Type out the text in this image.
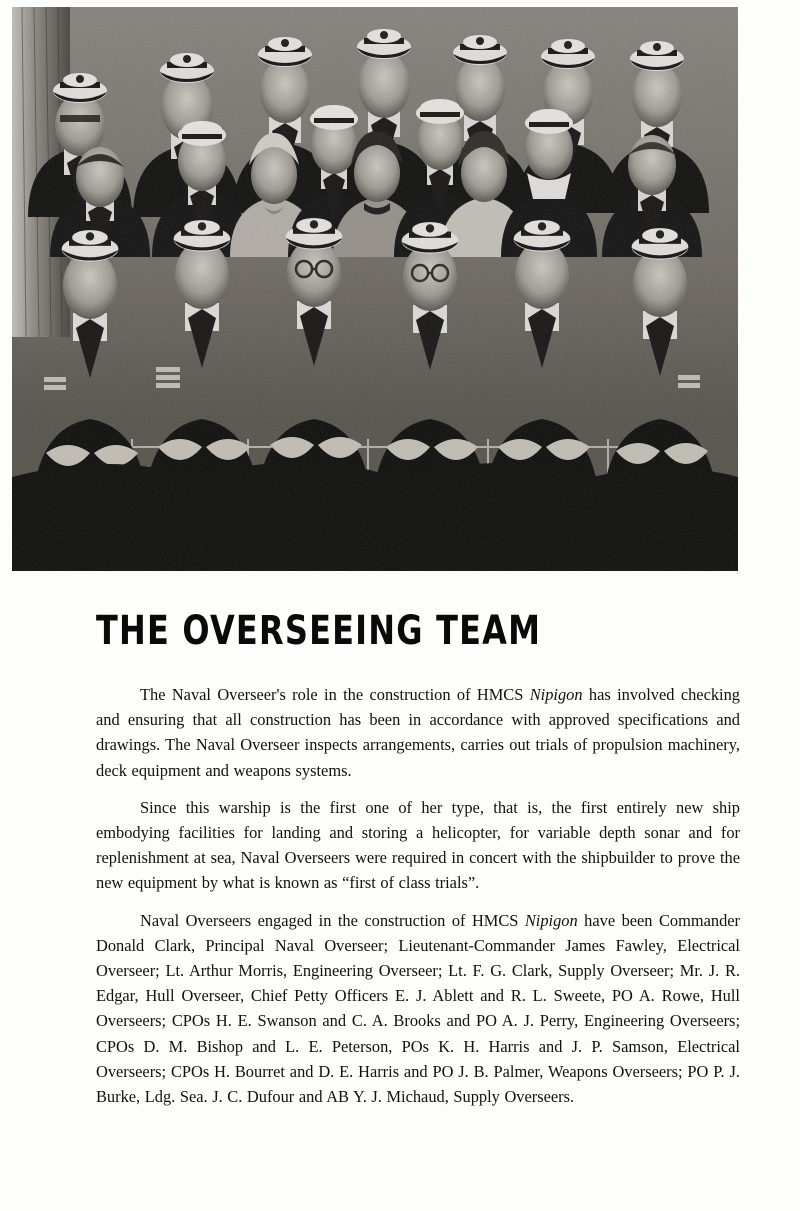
THE OVERSEEING TEAM

The Naval Overseer's role in the construction of HMCS Nipigon has involved checking and ensuring that all construction has been in accordance with approved specifications and drawings. The Naval Overseer inspects arrangements, carries out trials of propulsion machinery, deck equipment and weapons systems.

Since this warship is the first one of her type, that is, the first entirely new ship embodying facilities for landing and storing a helicopter, for variable depth sonar and for replenishment at sea, Naval Overseers were required in concert with the shipbuilder to prove the new equipment by what is known as “first of class trials”.

Naval Overseers engaged in the construction of HMCS Nipigon have been Commander Donald Clark, Principal Naval Overseer; Lieutenant-Commander James Fawley, Electrical Overseer; Lt. Arthur Morris, Engineering Overseer; Lt. F. G. Clark, Supply Overseer; Mr. J. R. Edgar, Hull Overseer, Chief Petty Officers E. J. Ablett and R. L. Sweete, PO A. Rowe, Hull Overseers; CPOs H. E. Swanson and C. A. Brooks and PO A. J. Perry, Engineering Overseers; CPOs D. M. Bishop and L. E. Peterson, POs K. H. Harris and J. P. Samson, Electrical Overseers; CPOs H. Bourret and D. E. Harris and PO J. B. Palmer, Weapons Overseers; PO P. J. Burke, Ldg. Sea. J. C. Dufour and AB Y. J. Michaud, Supply Overseers.
